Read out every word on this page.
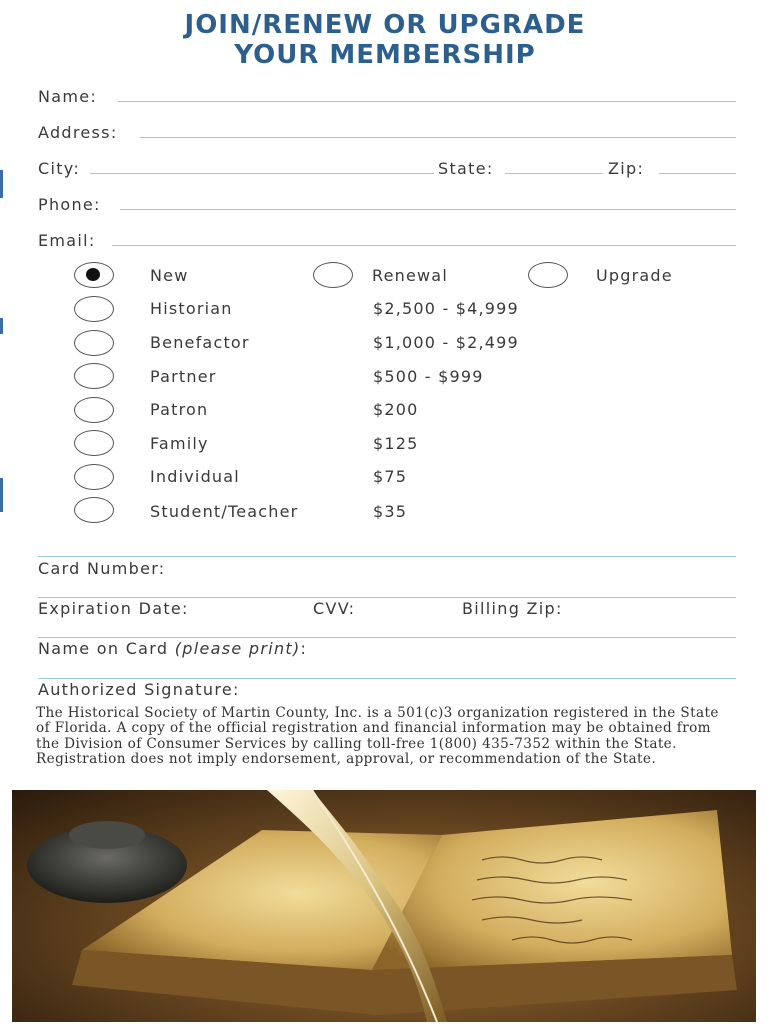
JOIN/RENEW OR UPGRADE
YOUR MEMBERSHIP
Name:
Address:
City:	State:	Zip:
Phone:
Email:
New	Renewal	Upgrade
Historian	$2,500 - $4,999
Benefactor	$1,000 - $2,499
Partner	$500 - $999
Patron	$200
Family	$125
Individual	$75
Student/Teacher	$35
Card Number:
Expiration Date:	CVV:	Billing Zip:
Name on Card (please print):
Authorized Signature:
The Historical Society of Martin County, Inc. is a 501(c)3 organization registered in the State of Florida. A copy of the official registration and financial information may be obtained from the Division of Consumer Services by calling toll-free 1(800) 435-7352 within the State. Registration does not imply endorsement, approval, or recommendation of the State.
